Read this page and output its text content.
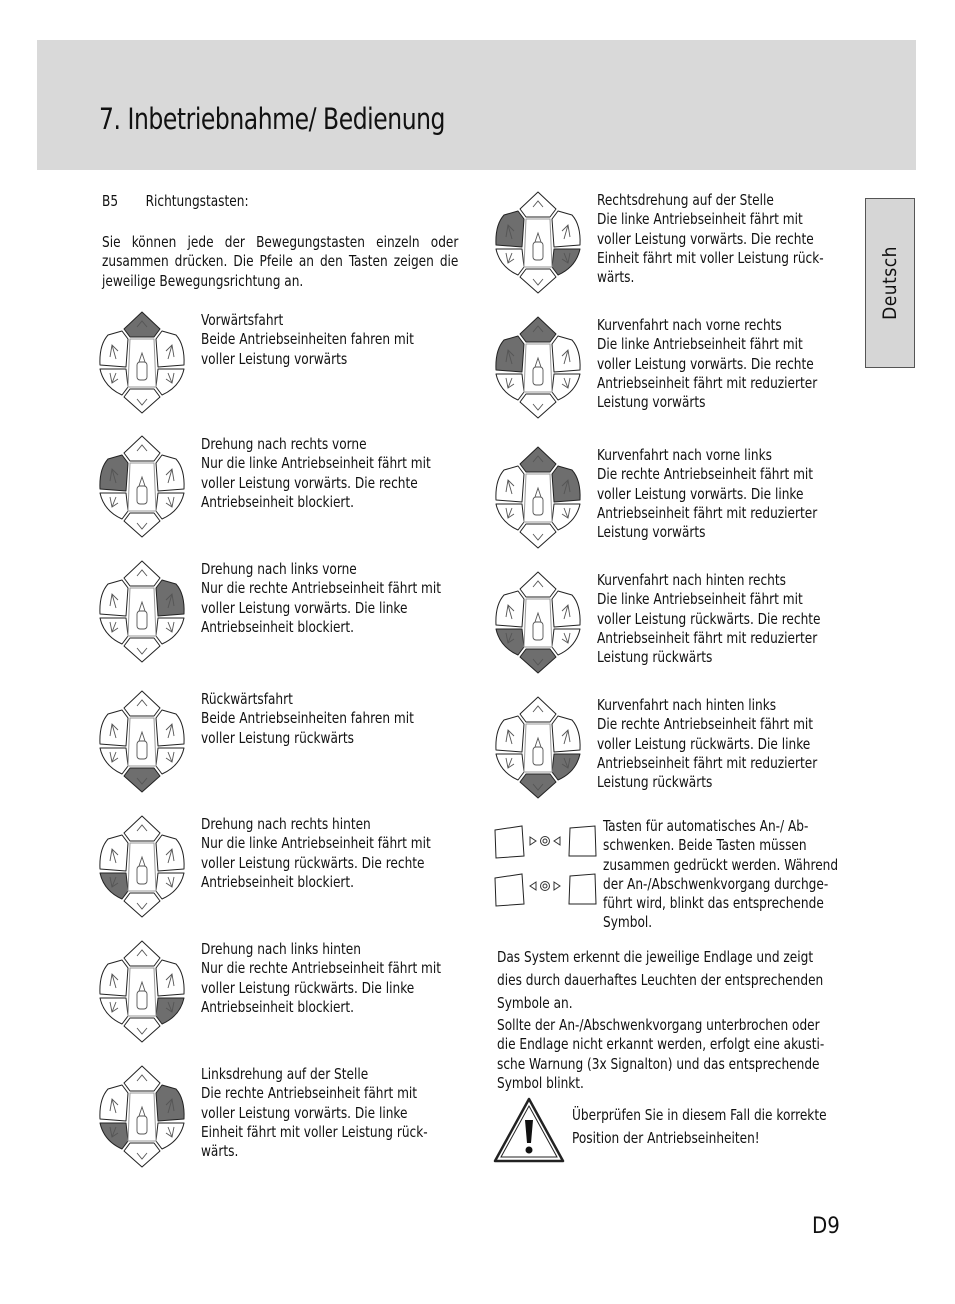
7. Inbetriebnahme/ Bedienung
Deutsch
B5 Richtungstasten:
Sie können jede der Bewegungstasten einzeln oder
zusammen drücken. Die Pfeile an den Tasten zeigen die
jeweilige Bewegungsrichtung an.
Vorwärtsfahrt
Beide Antriebseinheiten fahren mit
voller Leistung vorwärts
Drehung nach rechts vorne
Nur die linke Antriebseinheit fährt mit
voller Leistung vorwärts. Die rechte
Antriebseinheit blockiert.
Drehung nach links vorne
Nur die rechte Antriebseinheit fährt mit
voller Leistung vorwärts. Die linke
Antriebseinheit blockiert.
Rückwärtsfahrt
Beide Antriebseinheiten fahren mit
voller Leistung rückwärts
Drehung nach rechts hinten
Nur die linke Antriebseinheit fährt mit
voller Leistung rückwärts. Die rechte
Antriebseinheit blockiert.
Drehung nach links hinten
Nur die rechte Antriebseinheit fährt mit
voller Leistung rückwärts. Die linke
Antriebseinheit blockiert.
Linksdrehung auf der Stelle
Die rechte Antriebseinheit fährt mit
voller Leistung vorwärts. Die linke
Einheit fährt mit voller Leistung rück-
wärts.
Rechtsdrehung auf der Stelle
Die linke Antriebseinheit fährt mit
voller Leistung vorwärts. Die rechte
Einheit fährt mit voller Leistung rück-
wärts.
Kurvenfahrt nach vorne rechts
Die linke Antriebseinheit fährt mit
voller Leistung vorwärts. Die rechte
Antriebseinheit fährt mit reduzierter
Leistung vorwärts
Kurvenfahrt nach vorne links
Die rechte Antriebseinheit fährt mit
voller Leistung vorwärts. Die linke
Antriebseinheit fährt mit reduzierter
Leistung vorwärts
Kurvenfahrt nach hinten rechts
Die linke Antriebseinheit fährt mit
voller Leistung rückwärts. Die rechte
Antriebseinheit fährt mit reduzierter
Leistung rückwärts
Kurvenfahrt nach hinten links
Die rechte Antriebseinheit fährt mit
voller Leistung rückwärts. Die linke
Antriebseinheit fährt mit reduzierter
Leistung rückwärts
Tasten für automatisches An-/ Ab-
schwenken. Beide Tasten müssen
zusammen gedrückt werden. Während
der An-/Abschwenkvorgang durchge-
führt wird, blinkt das entsprechende
Symbol.
Das System erkennt die jeweilige Endlage und zeigt
dies durch dauerhaftes Leuchten der entsprechenden
Symbole an.
Sollte der An-/Abschwenkvorgang unterbrochen oder
die Endlage nicht erkannt werden, erfolgt eine akusti-
sche Warnung (3x Signalton) und das entsprechende
Symbol blinkt.
Überprüfen Sie in diesem Fall die korrekte
Position der Antriebseinheiten!
D9
